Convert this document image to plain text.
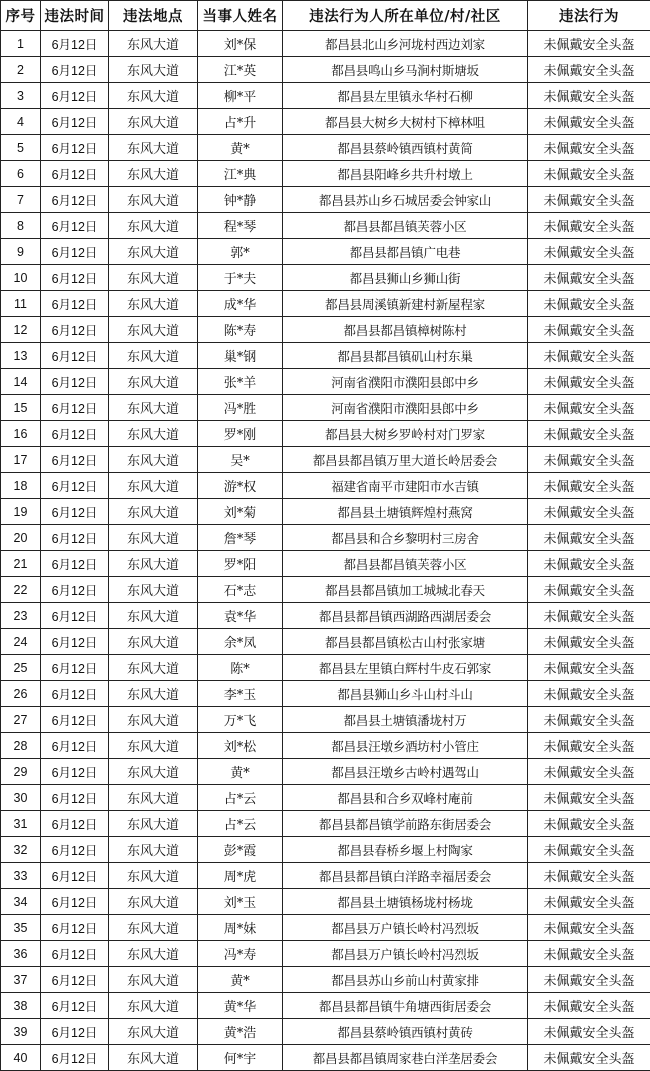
序号	违法时间	违法地点	当事人姓名	违法行为人所在单位/村/社区	违法行为
1	6月12日	东风大道	刘*保	都昌县北山乡河垅村西边刘家	未佩戴安全头盔
2	6月12日	东风大道	江*英	都昌县鸣山乡马涧村斯塘坂	未佩戴安全头盔
3	6月12日	东风大道	柳*平	都昌县左里镇永华村石柳	未佩戴安全头盔
4	6月12日	东风大道	占*升	都昌县大树乡大树村下樟林咀	未佩戴安全头盔
5	6月12日	东风大道	黄*	都昌县蔡岭镇西镇村黄简	未佩戴安全头盔
6	6月12日	东风大道	江*典	都昌县阳峰乡共升村墩上	未佩戴安全头盔
7	6月12日	东风大道	钟*静	都昌县苏山乡石城居委会钟家山	未佩戴安全头盔
8	6月12日	东风大道	程*琴	都昌县都昌镇芙蓉小区	未佩戴安全头盔
9	6月12日	东风大道	郭*	都昌县都昌镇广电巷	未佩戴安全头盔
10	6月12日	东风大道	于*夫	都昌县狮山乡狮山街	未佩戴安全头盔
11	6月12日	东风大道	成*华	都昌县周溪镇新建村新屋程家	未佩戴安全头盔
12	6月12日	东风大道	陈*寿	都昌县都昌镇樟树陈村	未佩戴安全头盔
13	6月12日	东风大道	巢*钢	都昌县都昌镇矶山村东巢	未佩戴安全头盔
14	6月12日	东风大道	张*羊	河南省濮阳市濮阳县郎中乡	未佩戴安全头盔
15	6月12日	东风大道	冯*胜	河南省濮阳市濮阳县郎中乡	未佩戴安全头盔
16	6月12日	东风大道	罗*刚	都昌县大树乡罗岭村对门罗家	未佩戴安全头盔
17	6月12日	东风大道	吴*	都昌县都昌镇万里大道长岭居委会	未佩戴安全头盔
18	6月12日	东风大道	游*权	福建省南平市建阳市水吉镇	未佩戴安全头盔
19	6月12日	东风大道	刘*菊	都昌县土塘镇辉煌村燕窝	未佩戴安全头盔
20	6月12日	东风大道	詹*琴	都昌县和合乡黎明村三房舍	未佩戴安全头盔
21	6月12日	东风大道	罗*阳	都昌县都昌镇芙蓉小区	未佩戴安全头盔
22	6月12日	东风大道	石*志	都昌县都昌镇加工城城北春天	未佩戴安全头盔
23	6月12日	东风大道	袁*华	都昌县都昌镇西湖路西湖居委会	未佩戴安全头盔
24	6月12日	东风大道	余*凤	都昌县都昌镇松古山村张家塘	未佩戴安全头盔
25	6月12日	东风大道	陈*	都昌县左里镇白辉村牛皮石郭家	未佩戴安全头盔
26	6月12日	东风大道	李*玉	都昌县狮山乡斗山村斗山	未佩戴安全头盔
27	6月12日	东风大道	万*飞	都昌县土塘镇潘垅村万	未佩戴安全头盔
28	6月12日	东风大道	刘*松	都昌县汪墩乡酒坊村小管庄	未佩戴安全头盔
29	6月12日	东风大道	黄*	都昌县汪墩乡古岭村遇驾山	未佩戴安全头盔
30	6月12日	东风大道	占*云	都昌县和合乡双峰村庵前	未佩戴安全头盔
31	6月12日	东风大道	占*云	都昌县都昌镇学前路东街居委会	未佩戴安全头盔
32	6月12日	东风大道	彭*霞	都昌县春桥乡堰上村陶家	未佩戴安全头盔
33	6月12日	东风大道	周*虎	都昌县都昌镇白洋路幸福居委会	未佩戴安全头盔
34	6月12日	东风大道	刘*玉	都昌县土塘镇杨垅村杨垅	未佩戴安全头盔
35	6月12日	东风大道	周*妹	都昌县万户镇长岭村冯烈坂	未佩戴安全头盔
36	6月12日	东风大道	冯*寿	都昌县万户镇长岭村冯烈坂	未佩戴安全头盔
37	6月12日	东风大道	黄*	都昌县苏山乡前山村黄家排	未佩戴安全头盔
38	6月12日	东风大道	黄*华	都昌县都昌镇牛角塘西街居委会	未佩戴安全头盔
39	6月12日	东风大道	黄*浩	都昌县蔡岭镇西镇村黄砖	未佩戴安全头盔
40	6月12日	东风大道	何*宇	都昌县都昌镇周家巷白洋垄居委会	未佩戴安全头盔
